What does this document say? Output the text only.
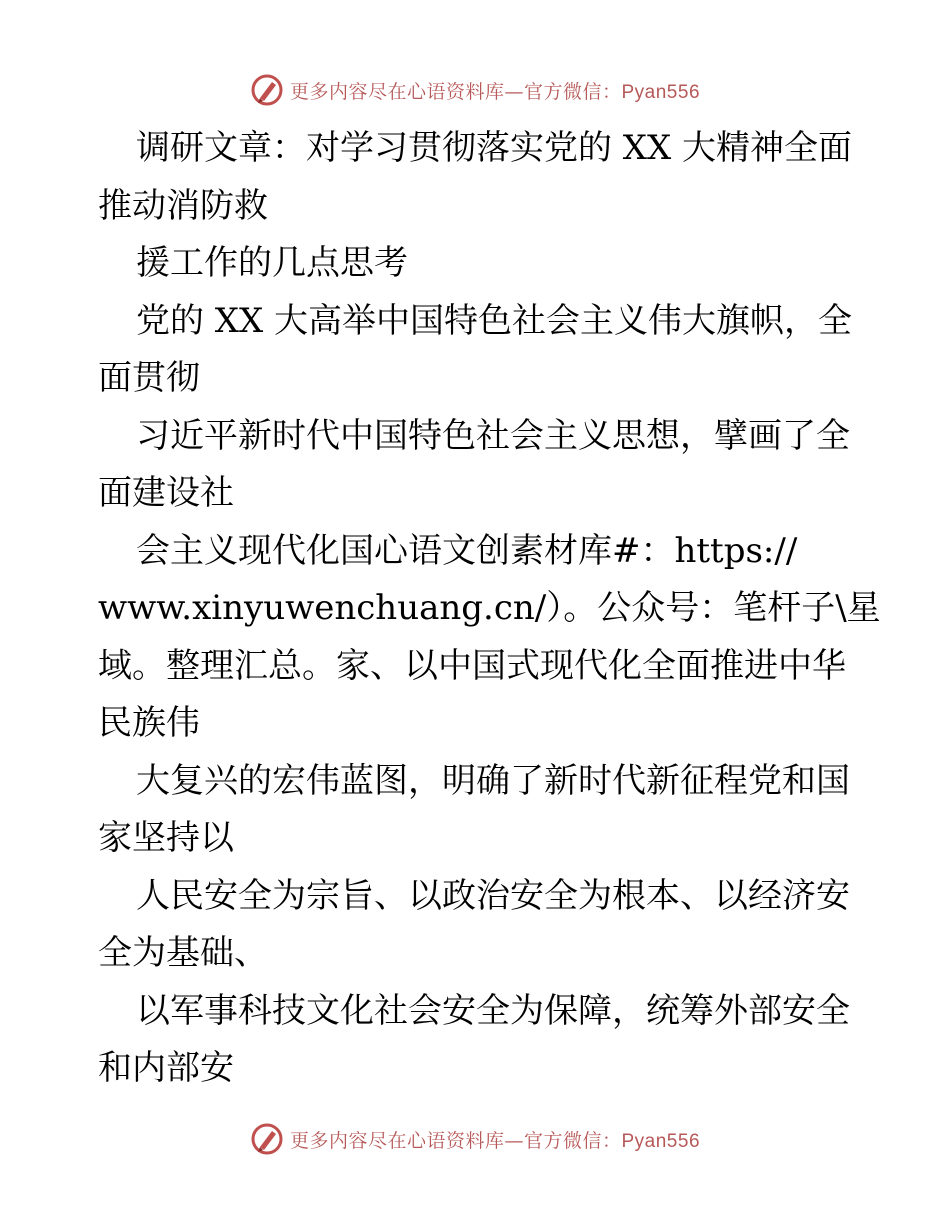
更多内容尽在心语资料库—官方微信：Pyan556
调研文章：对学习贯彻落实党的 XX 大精神全面
推动消防救
援工作的几点思考
党的 XX 大高举中国特色社会主义伟大旗帜，全
面贯彻
习近平新时代中国特色社会主义思想，擘画了全
面建设社
会主义现代化国心语文创素材库#：https://
www.xinyuwenchuang.cn/）。公众号：笔杆子\星
域。整理汇总。家、以中国式现代化全面推进中华
民族伟
大复兴的宏伟蓝图，明确了新时代新征程党和国
家坚持以
人民安全为宗旨、以政治安全为根本、以经济安
全为基础、
以军事科技文化社会安全为保障，统筹外部安全
和内部安
更多内容尽在心语资料库—官方微信：Pyan556
